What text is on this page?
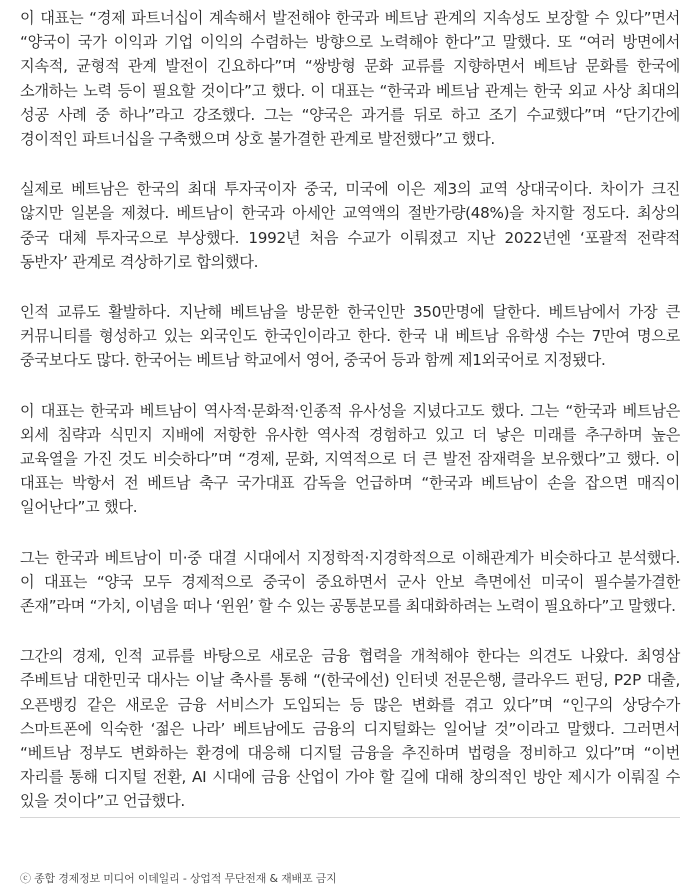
이 대표는 “경제 파트너십이 계속해서 발전해야 한국과 베트남 관계의 지속성도 보장할 수 있다”면서 “양국이 국가 이익과 기업 이익의 수렴하는 방향으로 노력해야 한다”고 말했다. 또 “여러 방면에서 지속적, 균형적 관계 발전이 긴요하다”며 “쌍방형 문화 교류를 지향하면서 베트남 문화를 한국에 소개하는 노력 등이 필요할 것이다”고 했다. 이 대표는 “한국과 베트남 관계는 한국 외교 사상 최대의 성공 사례 중 하나”라고 강조했다. 그는 “양국은 과거를 뒤로 하고 조기 수교했다”며 “단기간에 경이적인 파트너십을 구축했으며 상호 불가결한 관계로 발전했다”고 했다.

실제로 베트남은 한국의 최대 투자국이자 중국, 미국에 이은 제3의 교역 상대국이다. 차이가 크진 않지만 일본을 제쳤다. 베트남이 한국과 아세안 교역액의 절반가량(48%)을 차지할 정도다. 최상의 중국 대체 투자국으로 부상했다. 1992년 처음 수교가 이뤄졌고 지난 2022년엔 ‘포괄적 전략적 동반자’ 관계로 격상하기로 합의했다.

인적 교류도 활발하다. 지난해 베트남을 방문한 한국인만 350만명에 달한다. 베트남에서 가장 큰 커뮤니티를 형성하고 있는 외국인도 한국인이라고 한다. 한국 내 베트남 유학생 수는 7만여 명으로 중국보다도 많다. 한국어는 베트남 학교에서 영어, 중국어 등과 함께 제1외국어로 지정됐다.

이 대표는 한국과 베트남이 역사적·문화적·인종적 유사성을 지녔다고도 했다. 그는 “한국과 베트남은 외세 침략과 식민지 지배에 저항한 유사한 역사적 경험하고 있고 더 낳은 미래를 추구하며 높은 교육열을 가진 것도 비슷하다”며 “경제, 문화, 지역적으로 더 큰 발전 잠재력을 보유했다”고 했다. 이 대표는 박항서 전 베트남 축구 국가대표 감독을 언급하며 “한국과 베트남이 손을 잡으면 매직이 일어난다”고 했다.

그는 한국과 베트남이 미·중 대결 시대에서 지정학적·지경학적으로 이해관계가 비슷하다고 분석했다. 이 대표는 “양국 모두 경제적으로 중국이 중요하면서 군사 안보 측면에선 미국이 필수불가결한 존재”라며 “가치, 이념을 떠나 ‘윈윈’ 할 수 있는 공통분모를 최대화하려는 노력이 필요하다”고 말했다.

그간의 경제, 인적 교류를 바탕으로 새로운 금융 협력을 개척해야 한다는 의견도 나왔다. 최영삼 주베트남 대한민국 대사는 이날 축사를 통해 “(한국에선) 인터넷 전문은행, 클라우드 펀딩, P2P 대출, 오픈뱅킹 같은 새로운 금융 서비스가 도입되는 등 많은 변화를 겪고 있다”며 “인구의 상당수가 스마트폰에 익숙한 ‘젊은 나라’ 베트남에도 금융의 디지털화는 일어날 것”이라고 말했다. 그러면서 “베트남 정부도 변화하는 환경에 대응해 디지털 금융을 추진하며 법령을 정비하고 있다”며 “이번 자리를 통해 디지털 전환, AI 시대에 금융 산업이 가야 할 길에 대해 창의적인 방안 제시가 이뤄질 수 있을 것이다”고 언급했다.

ⓒ 종합 경제정보 미디어 이데일리 - 상업적 무단전재 & 재배포 금지
